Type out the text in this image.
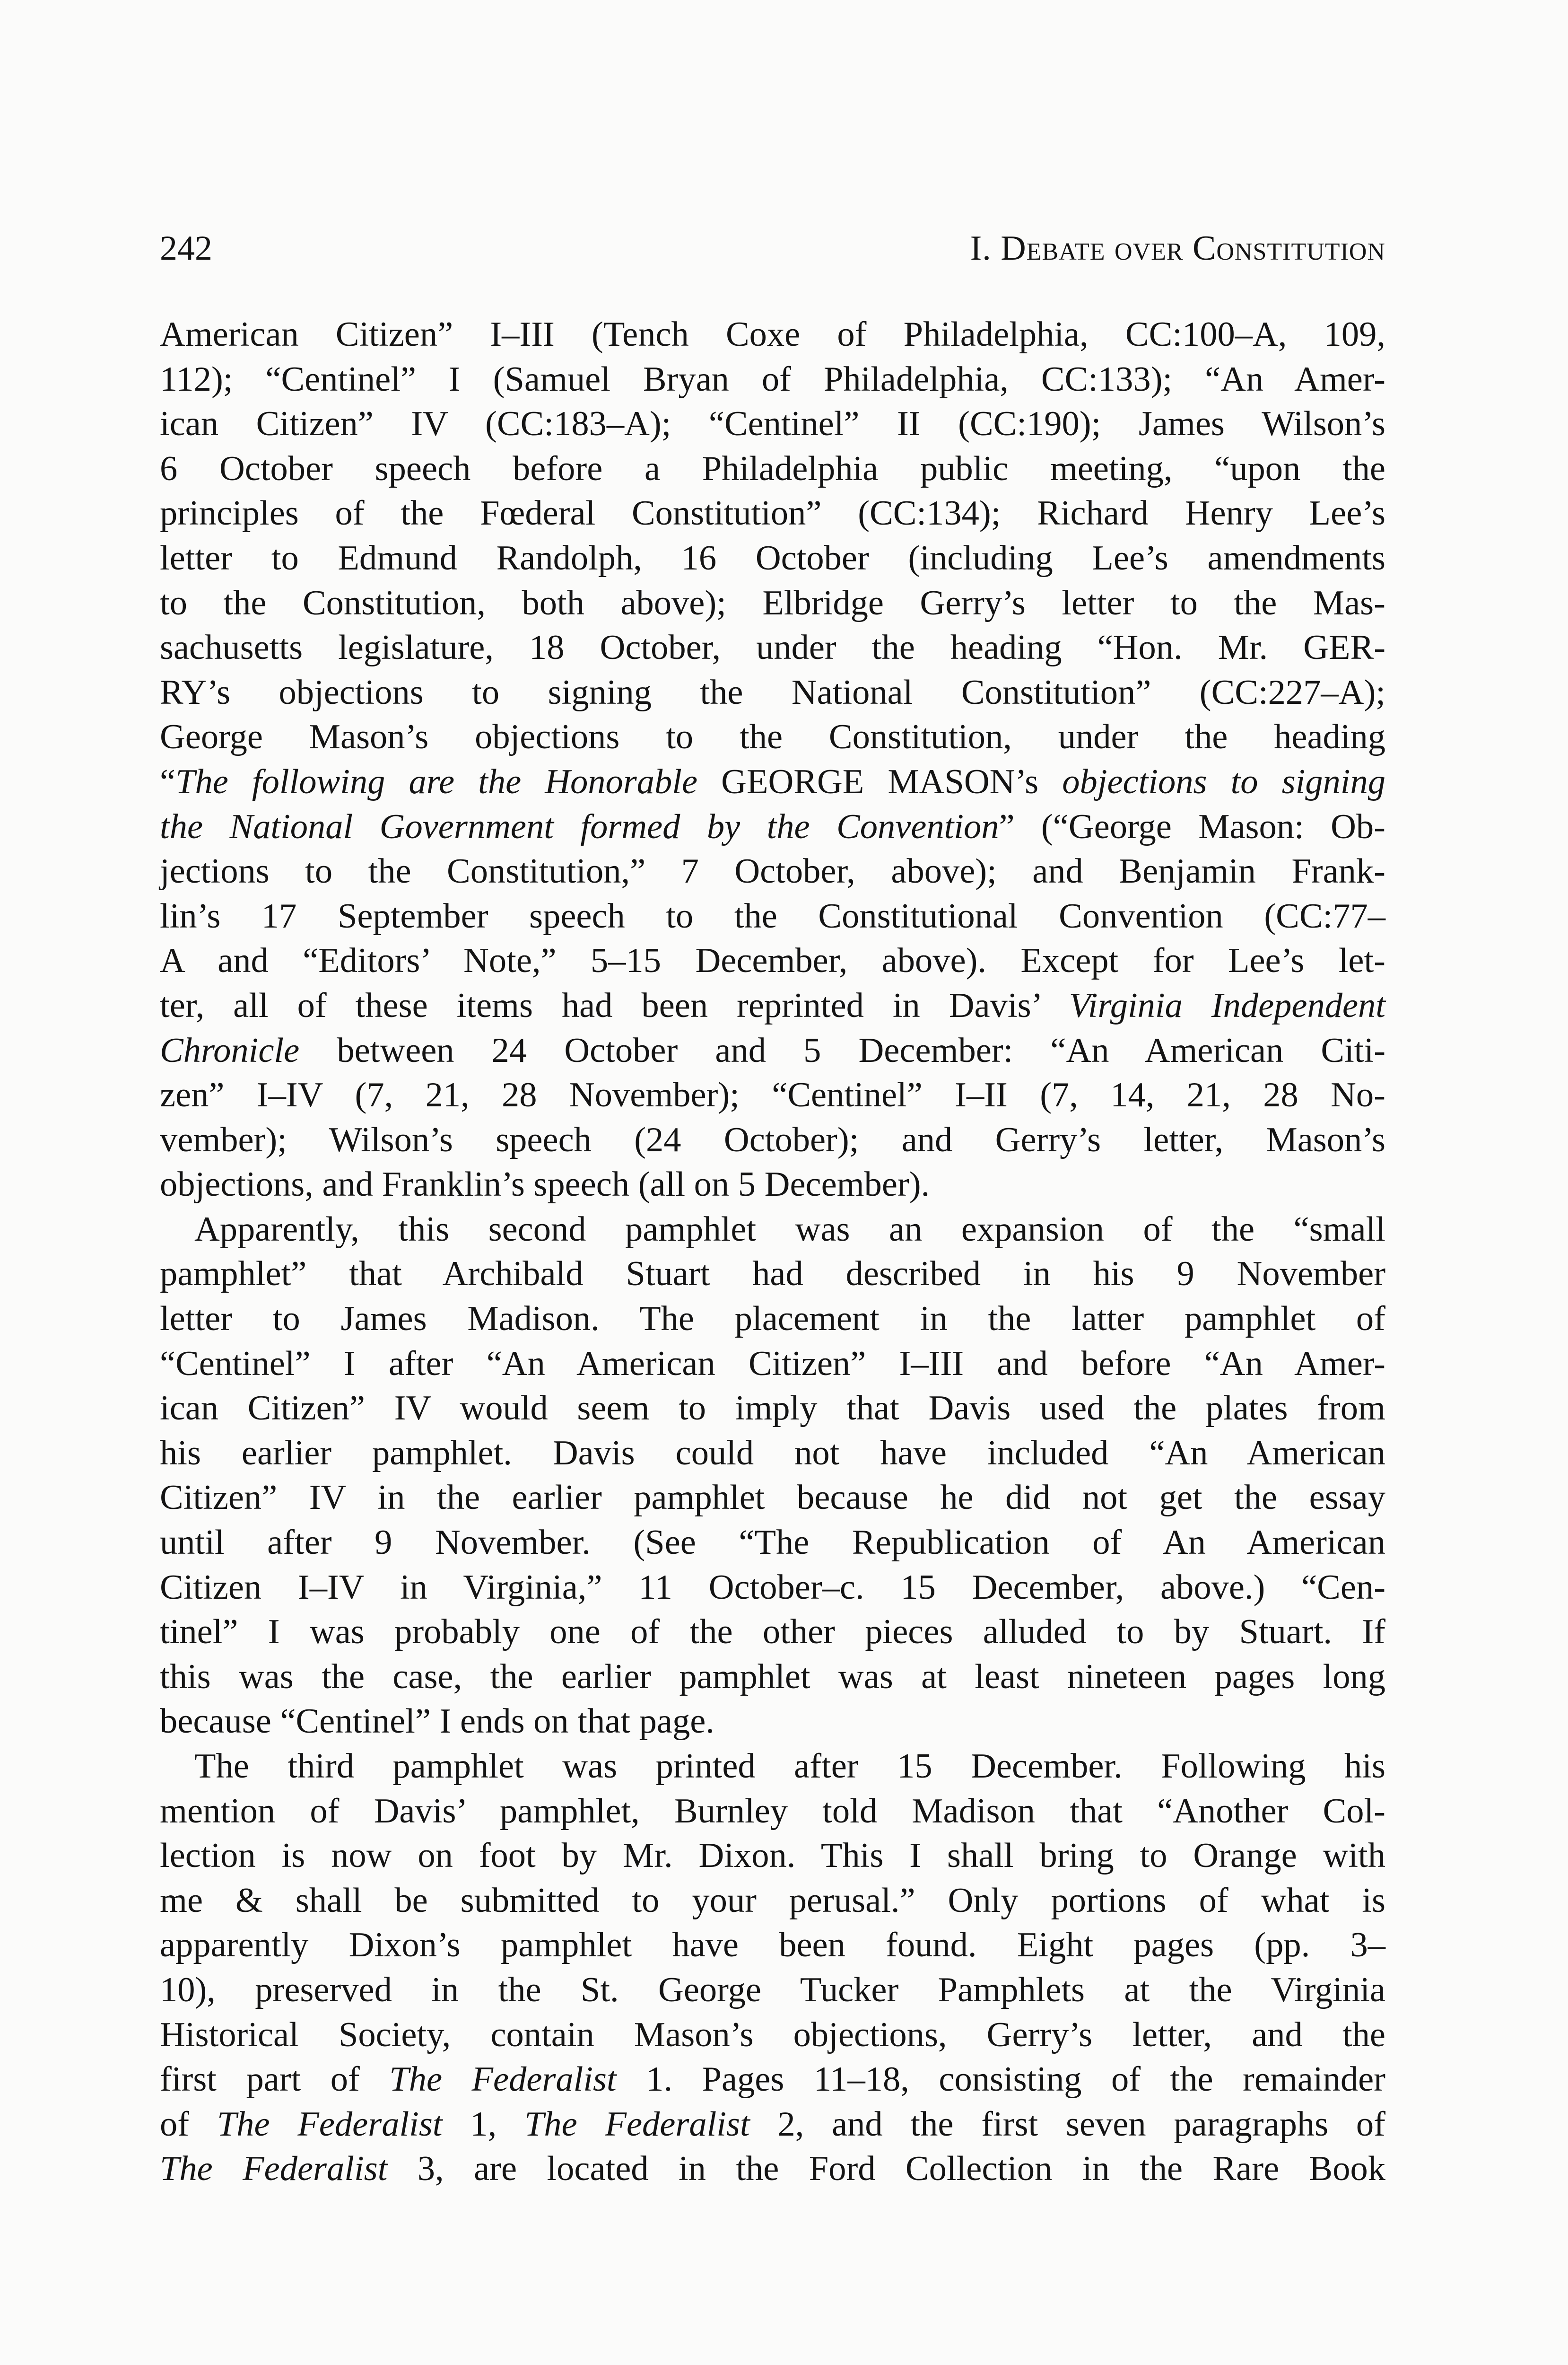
242	I. Debate over Constitution
American Citizen” I–III (Tench Coxe of Philadelphia, CC:100–A, 109,
112); “Centinel” I (Samuel Bryan of Philadelphia, CC:133); “An Amer-
ican Citizen” IV (CC:183–A); “Centinel” II (CC:190); James Wilson’s
6 October speech before a Philadelphia public meeting, “upon the
principles of the Fœderal Constitution” (CC:134); Richard Henry Lee’s
letter to Edmund Randolph, 16 October (including Lee’s amendments
to the Constitution, both above); Elbridge Gerry’s letter to the Mas-
sachusetts legislature, 18 October, under the heading “Hon. Mr. GER-
RY’s objections to signing the National Constitution” (CC:227–A);
George Mason’s objections to the Constitution, under the heading
“The following are the Honorable GEORGE MASON’s objections to signing
the National Government formed by the Convention” (“George Mason: Ob-
jections to the Constitution,” 7 October, above); and Benjamin Frank-
lin’s 17 September speech to the Constitutional Convention (CC:77–
A and “Editors’ Note,” 5–15 December, above). Except for Lee’s let-
ter, all of these items had been reprinted in Davis’ Virginia Independent
Chronicle between 24 October and 5 December: “An American Citi-
zen” I–IV (7, 21, 28 November); “Centinel” I–II (7, 14, 21, 28 No-
vember); Wilson’s speech (24 October); and Gerry’s letter, Mason’s
objections, and Franklin’s speech (all on 5 December).
Apparently, this second pamphlet was an expansion of the “small
pamphlet” that Archibald Stuart had described in his 9 November
letter to James Madison. The placement in the latter pamphlet of
“Centinel” I after “An American Citizen” I–III and before “An Amer-
ican Citizen” IV would seem to imply that Davis used the plates from
his earlier pamphlet. Davis could not have included “An American
Citizen” IV in the earlier pamphlet because he did not get the essay
until after 9 November. (See “The Republication of An American
Citizen I–IV in Virginia,” 11 October–c. 15 December, above.) “Cen-
tinel” I was probably one of the other pieces alluded to by Stuart. If
this was the case, the earlier pamphlet was at least nineteen pages long
because “Centinel” I ends on that page.
The third pamphlet was printed after 15 December. Following his
mention of Davis’ pamphlet, Burnley told Madison that “Another Col-
lection is now on foot by Mr. Dixon. This I shall bring to Orange with
me & shall be submitted to your perusal.” Only portions of what is
apparently Dixon’s pamphlet have been found. Eight pages (pp. 3–
10), preserved in the St. George Tucker Pamphlets at the Virginia
Historical Society, contain Mason’s objections, Gerry’s letter, and the
first part of The Federalist 1. Pages 11–18, consisting of the remainder
of The Federalist 1, The Federalist 2, and the first seven paragraphs of
The Federalist 3, are located in the Ford Collection in the Rare Book
